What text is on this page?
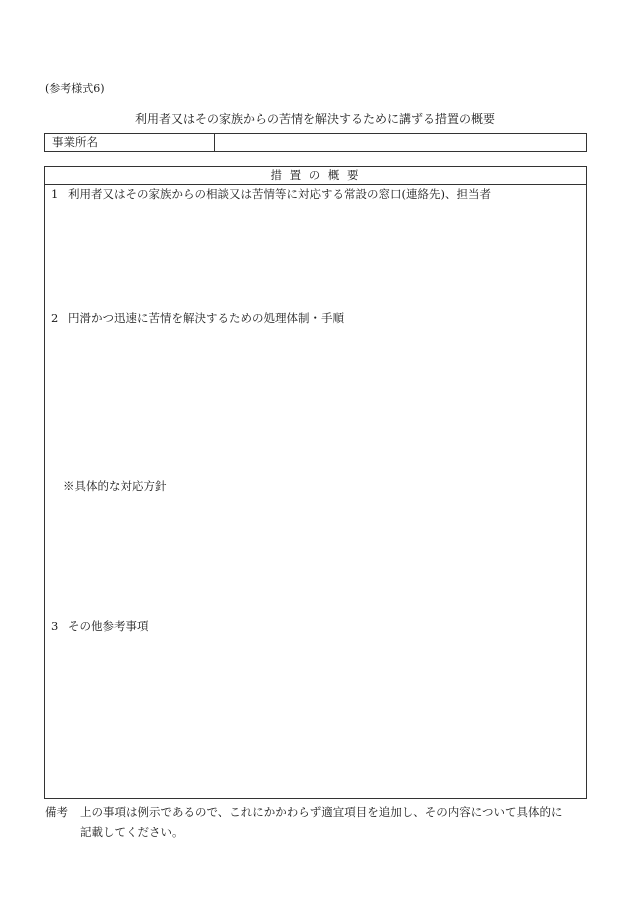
(参考様式6)
利用者又はその家族からの苦情を解決するために講ずる措置の概要
事業所名
措 置 の 概 要
1 利用者又はその家族からの相談又は苦情等に対応する常設の窓口(連絡先)、担当者
2 円滑かつ迅速に苦情を解決するための処理体制・手順
※具体的な対応方針
3 その他参考事項
備考 上の事項は例示であるので、これにかかわらず適宜項目を追加し、その内容について具体的に
記載してください。
